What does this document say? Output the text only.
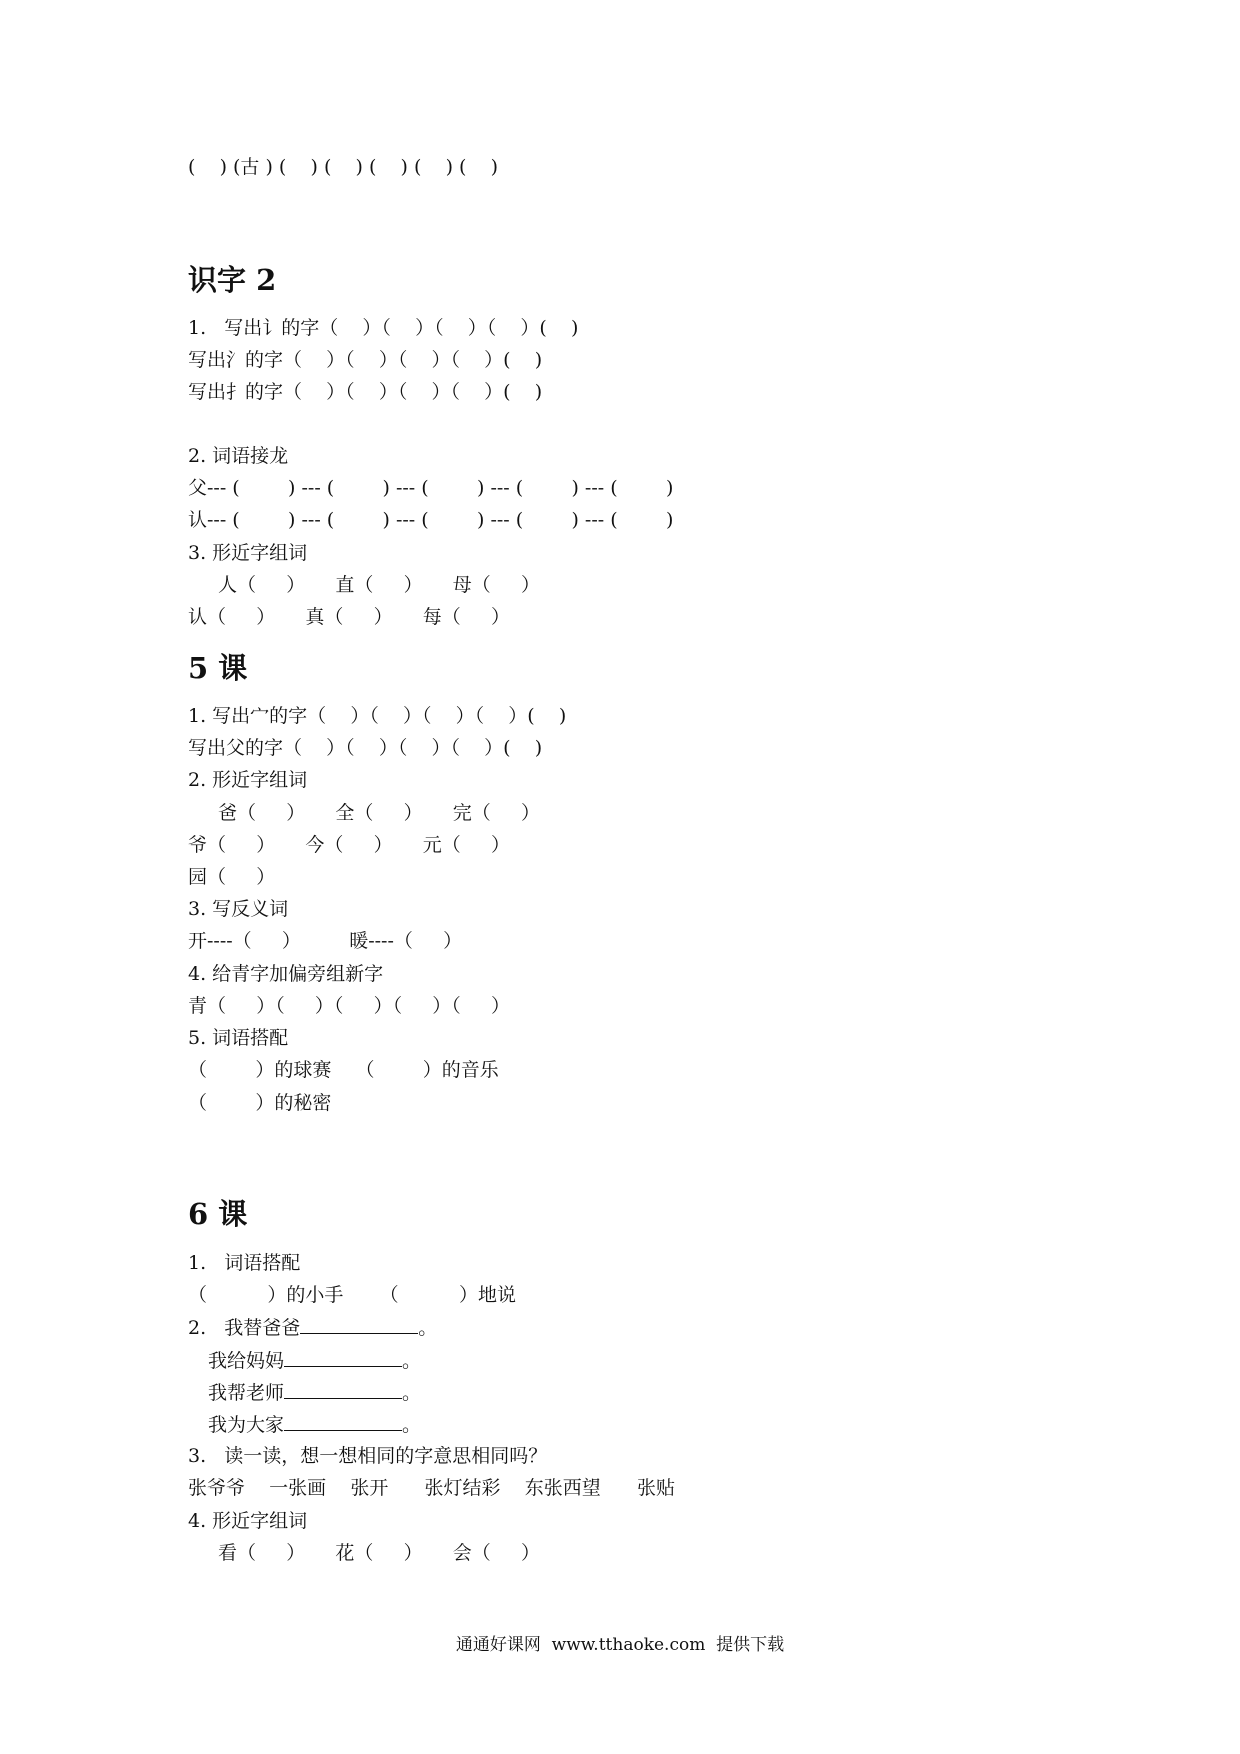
(    ) (古 ) (    ) (    ) (    ) (    ) (    )

识字 2

1.   写出讠的字（    ）（    ）（    ）（    ）(    )

写出氵的字（    ）（    ）（    ）（    ）(    )

写出扌的字（    ）（    ）（    ）（    ）(    )

2. 词语接龙

父--- (        ) --- (        ) --- (        ) --- (        ) --- (        )

认--- (        ) --- (        ) --- (        ) --- (        ) --- (        )

3. 形近字组词

人（     ）     直（     ）     母（     ）

认（     ）     真（     ）     每（     ）

5 课

1. 写出宀的字（    ）（    ）（    ）（    ）(    )

写出父的字（    ）（    ）（    ）（    ）(    )

2. 形近字组词

爸（     ）     全（     ）     完（     ）

爷（     ）     今（     ）     元（     ）

园（     ）

3. 写反义词

开----（     ）        暖----（     ）

4. 给青字加偏旁组新字

青（     ）（     ）（     ）（     ）（     ）

5. 词语搭配

（        ）的球赛    （        ）的音乐

（        ）的秘密

6 课

1.   词语搭配

（          ）的小手      （          ）地说

2.   我替爸爸	。

我给妈妈	。

我帮老师	。

我为大家	。

3.   读一读，想一想相同的字意思相同吗？

张爷爷    一张画    张开      张灯结彩    东张西望      张贴

4. 形近字组词

看（     ）     花（     ）     会（     ）

通通好课网  www.tthaoke.com  提供下载
